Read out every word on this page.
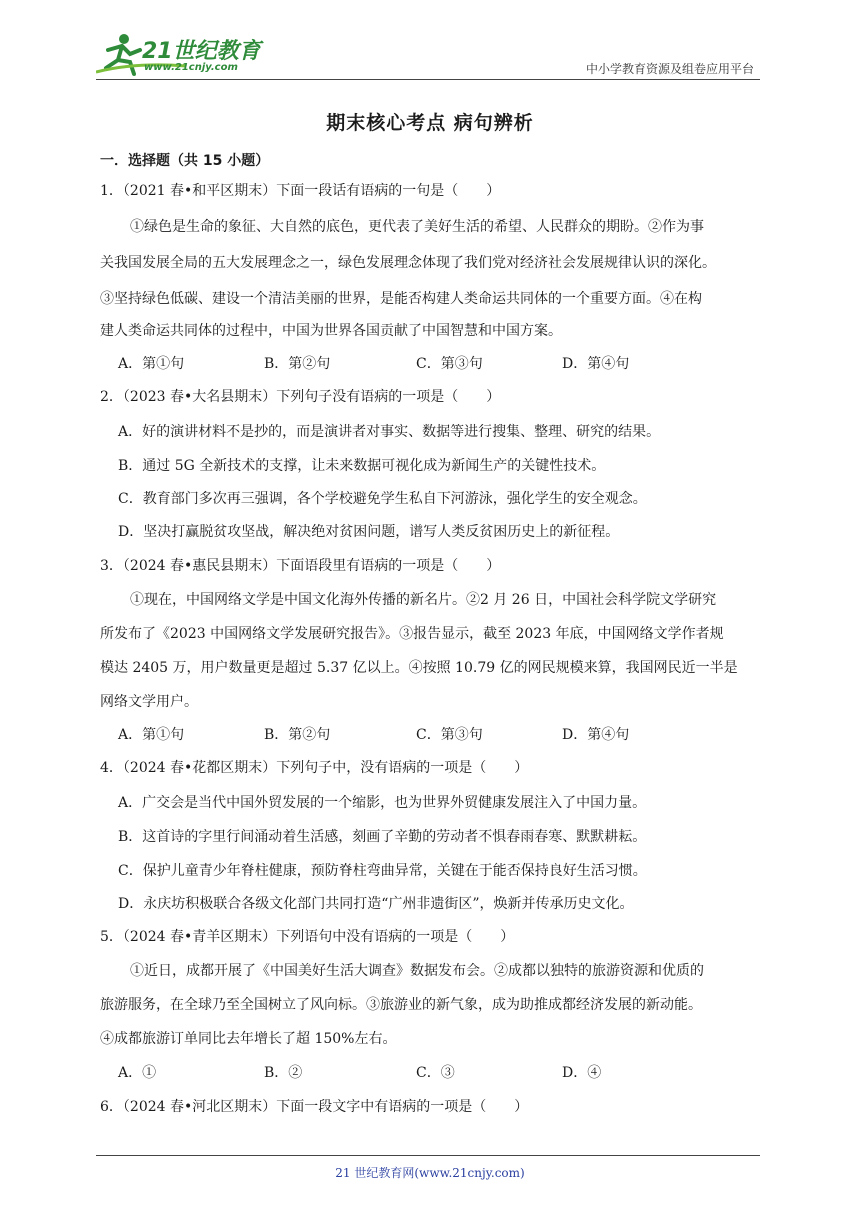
21世纪教育
www.21cnjy.com	中小学教育资源及组卷应用平台
期末核心考点 病句辨析
一．选择题（共 15 小题）
1．（2021 春•和平区期末）下面一段话有语病的一句是（　　）
①绿色是生命的象征、大自然的底色，更代表了美好生活的希望、人民群众的期盼。②作为事
关我国发展全局的五大发展理念之一，绿色发展理念体现了我们党对经济社会发展规律认识的深化。
③坚持绿色低碳、建设一个清洁美丽的世界，是能否构建人类命运共同体的一个重要方面。④在构
建人类命运共同体的过程中，中国为世界各国贡献了中国智慧和中国方案。
A．第①句	B．第②句	C．第③句	D．第④句
2．（2023 春•大名县期末）下列句子没有语病的一项是（　　）
A．好的演讲材料不是抄的，而是演讲者对事实、数据等进行搜集、整理、研究的结果。
B．通过 5G 全新技术的支撑，让未来数据可视化成为新闻生产的关键性技术。
C．教育部门多次再三强调，各个学校避免学生私自下河游泳，强化学生的安全观念。
D．坚决打赢脱贫攻坚战，解决绝对贫困问题，谱写人类反贫困历史上的新征程。
3．（2024 春•惠民县期末）下面语段里有语病的一项是（　　）
①现在，中国网络文学是中国文化海外传播的新名片。②2 月 26 日，中国社会科学院文学研究
所发布了《2023 中国网络文学发展研究报告》。③报告显示，截至 2023 年底，中国网络文学作者规
模达 2405 万，用户数量更是超过 5.37 亿以上。④按照 10.79 亿的网民规模来算，我国网民近一半是
网络文学用户。
A．第①句	B．第②句	C．第③句	D．第④句
4．（2024 春•花都区期末）下列句子中，没有语病的一项是（　　）
A．广交会是当代中国外贸发展的一个缩影，也为世界外贸健康发展注入了中国力量。
B．这首诗的字里行间涌动着生活感，刻画了辛勤的劳动者不惧春雨春寒、默默耕耘。
C．保护儿童青少年脊柱健康，预防脊柱弯曲异常，关键在于能否保持良好生活习惯。
D．永庆坊积极联合各级文化部门共同打造“广州非遗街区”，焕新并传承历史文化。
5．（2024 春•青羊区期末）下列语句中没有语病的一项是（　　）
①近日，成都开展了《中国美好生活大调查》数据发布会。②成都以独特的旅游资源和优质的
旅游服务，在全球乃至全国树立了风向标。③旅游业的新气象，成为助推成都经济发展的新动能。
④成都旅游订单同比去年增长了超 150%左右。
A．①	B．②	C．③	D．④
6．（2024 春•河北区期末）下面一段文字中有语病的一项是（　　）
21 世纪教育网(www.21cnjy.com)
